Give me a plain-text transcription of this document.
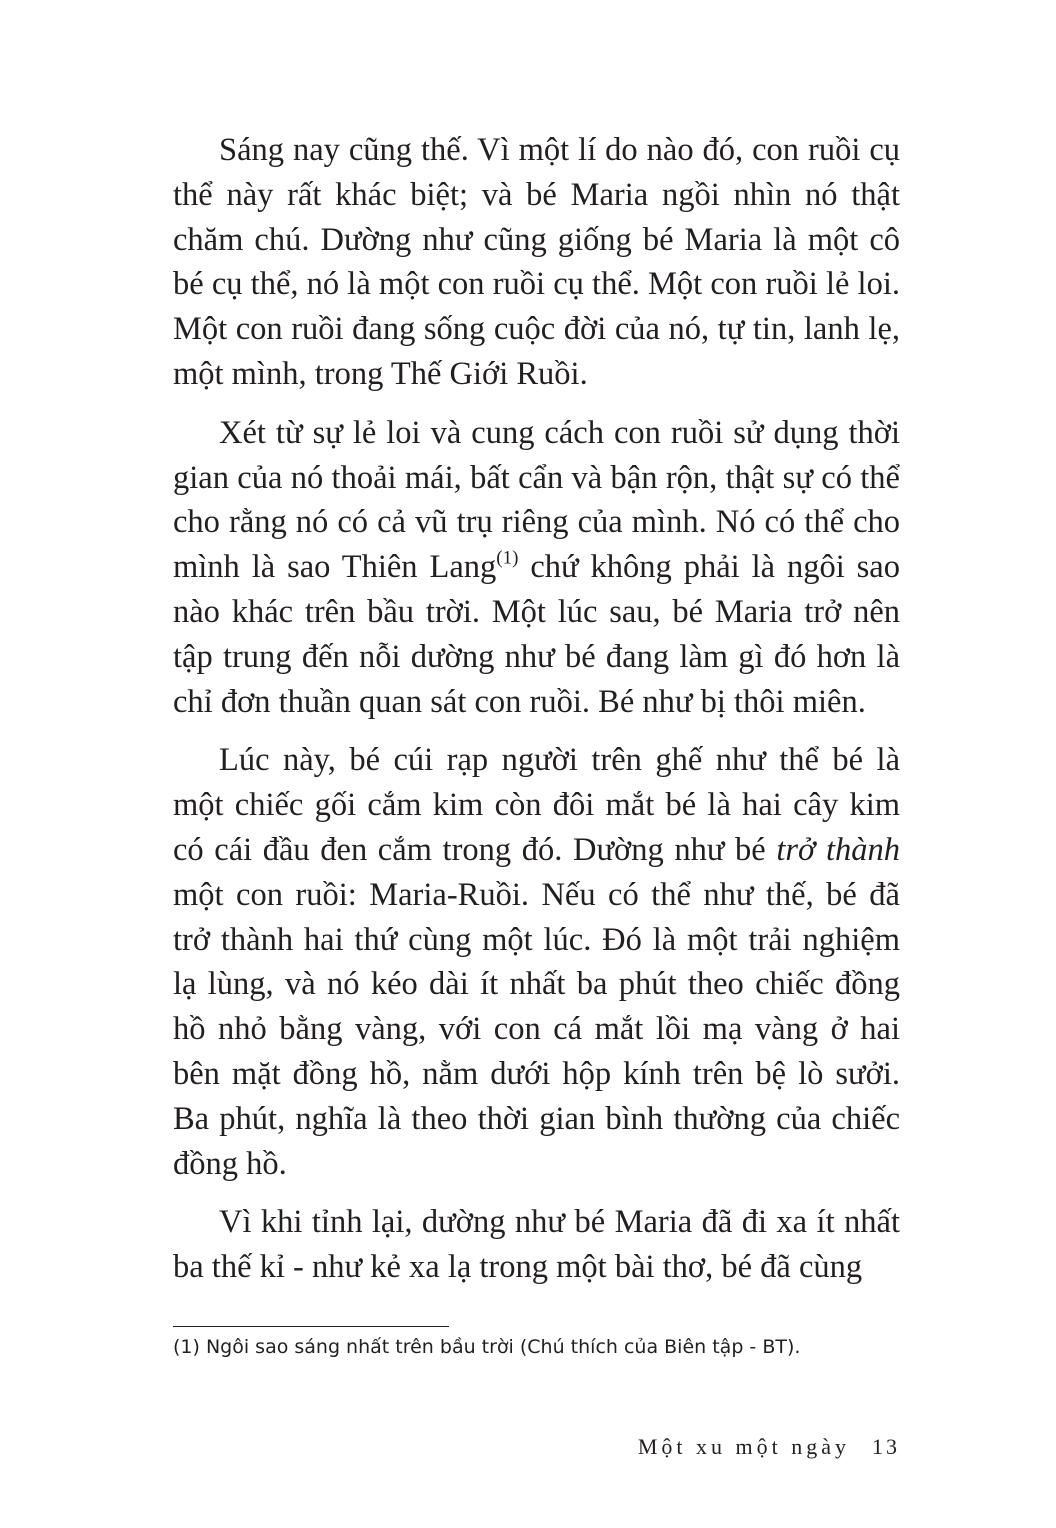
Sáng nay cũng thế. Vì một lí do nào đó, con ruồi cụ thể này rất khác biệt; và bé Maria ngồi nhìn nó thật chăm chú. Dường như cũng giống bé Maria là một cô bé cụ thể, nó là một con ruồi cụ thể. Một con ruồi lẻ loi. Một con ruồi đang sống cuộc đời của nó, tự tin, lanh lẹ, một mình, trong Thế Giới Ruồi.

Xét từ sự lẻ loi và cung cách con ruồi sử dụng thời gian của nó thoải mái, bất cẩn và bận rộn, thật sự có thể cho rằng nó có cả vũ trụ riêng của mình. Nó có thể cho mình là sao Thiên Lang$^{(1)}$ chứ không phải là ngôi sao nào khác trên bầu trời. Một lúc sau, bé Maria trở nên tập trung đến nỗi dường như bé đang làm gì đó hơn là chỉ đơn thuần quan sát con ruồi. Bé như bị thôi miên.

Lúc này, bé cúi rạp người trên ghế như thể bé là một chiếc gối cắm kim còn đôi mắt bé là hai cây kim có cái đầu đen cắm trong đó. Dường như bé trở thành một con ruồi: Maria-Ruồi. Nếu có thể như thế, bé đã trở thành hai thứ cùng một lúc. Đó là một trải nghiệm lạ lùng, và nó kéo dài ít nhất ba phút theo chiếc đồng hồ nhỏ bằng vàng, với con cá mắt lồi mạ vàng ở hai bên mặt đồng hồ, nằm dưới hộp kính trên bệ lò sưởi. Ba phút, nghĩa là theo thời gian bình thường của chiếc đồng hồ.

Vì khi tỉnh lại, dường như bé Maria đã đi xa ít nhất ba thế kỉ - như kẻ xa lạ trong một bài thơ, bé đã cùng

(1) Ngôi sao sáng nhất trên bầu trời (Chú thích của Biên tập - BT).
Một xu một ngày 13
